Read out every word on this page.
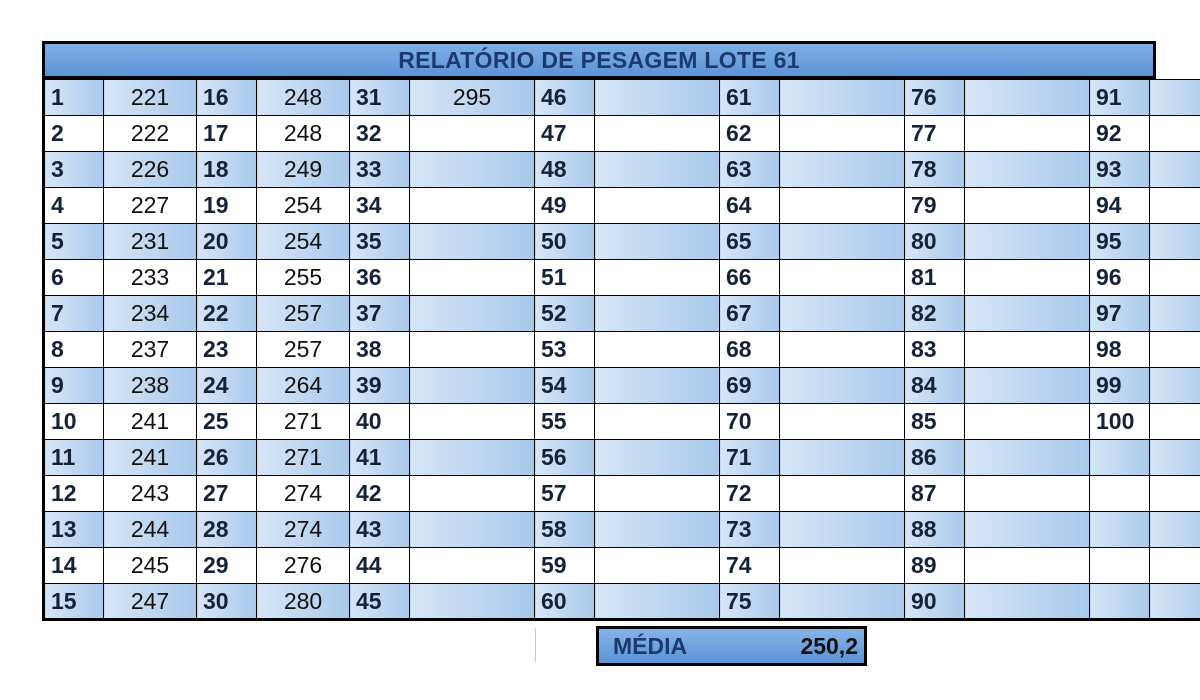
RELATÓRIO DE PESAGEM LOTE 61
1	221	16	248	31	295	46		61		76		91	
2	222	17	248	32		47		62		77		92	
3	226	18	249	33		48		63		78		93	
4	227	19	254	34		49		64		79		94	
5	231	20	254	35		50		65		80		95	
6	233	21	255	36		51		66		81		96	
7	234	22	257	37		52		67		82		97	
8	237	23	257	38		53		68		83		98	
9	238	24	264	39		54		69		84		99	
10	241	25	271	40		55		70		85		100	
11	241	26	271	41		56		71		86			
12	243	27	274	42		57		72		87			
13	244	28	274	43		58		73		88			
14	245	29	276	44		59		74		89			
15	247	30	280	45		60		75		90			
MÉDIA	250,2
